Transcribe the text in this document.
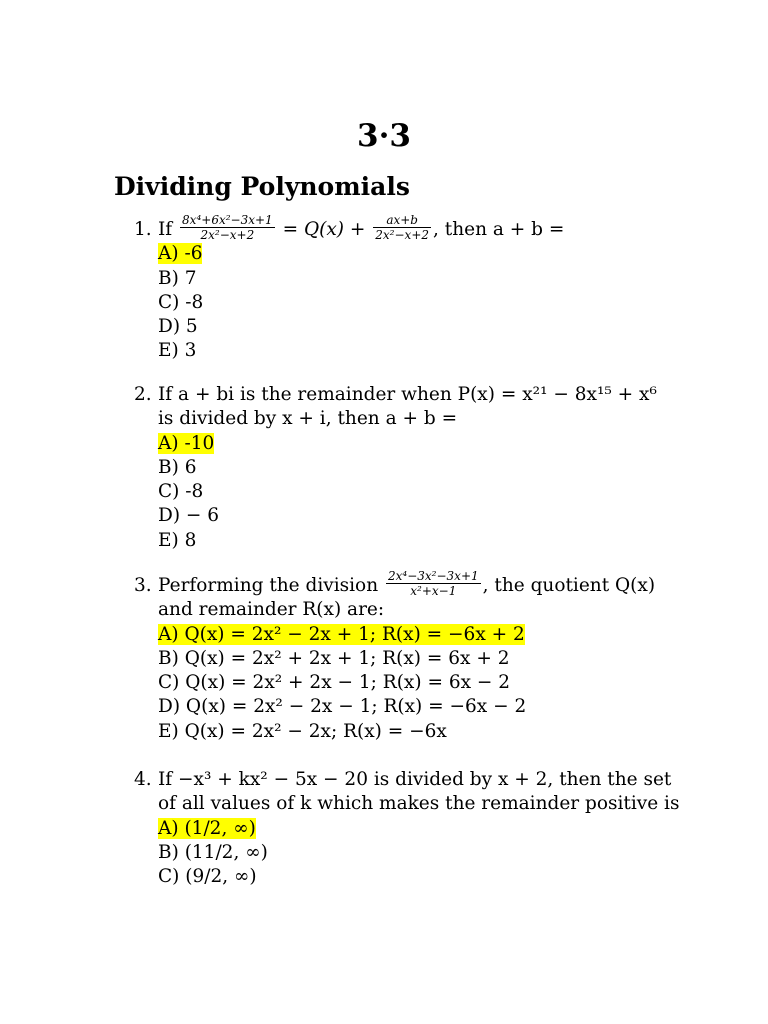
3·3
Dividing Polynomials
1. If $\frac{\text{8x⁴+6x²−3x+1}}{\text{2x²−x+2}} = Q(x) + \frac{ax+b}{\text{2x²−x+2}}$ , then a + b =
A) -6
B) 7
C) -8
D) 5
E) 3
2. If a + bi is the remainder when P(x) = x²¹ − 8x¹⁵ + x⁶
is divided by x + i, then a + b =
A) -10
B) 6
C) -8
D) − 6
E) 8
3. Performing the division $\frac{\text{2x⁴−3x²−3x+1}}{\text{x²+x−1}}$ , the quotient Q(x)
and remainder R(x) are:
A) Q(x) = 2x² − 2x + 1; R(x) = −6x + 2
B) Q(x) = 2x² + 2x + 1; R(x) = 6x + 2
C) Q(x) = 2x² + 2x − 1; R(x) = 6x − 2
D) Q(x) = 2x² − 2x − 1; R(x) = −6x − 2
E) Q(x) = 2x² − 2x; R(x) = −6x
4. If −x³ + kx² − 5x − 20 is divided by x + 2, then the set
of all values of k which makes the remainder positive is
A) (1/2, ∞)
B) (11/2, ∞)
C) (9/2, ∞)
